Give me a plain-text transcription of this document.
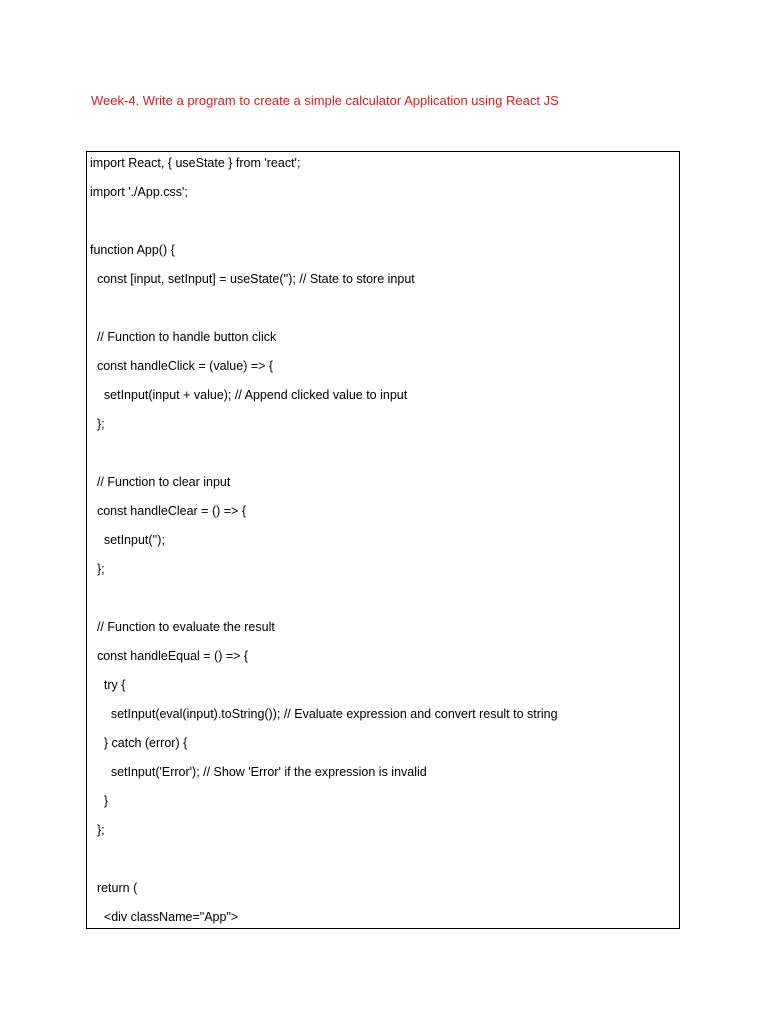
Week-4. Write a program to create a simple calculator Application using React JS
import React, { useState } from 'react';
import './App.css';
function App() {
const [input, setInput] = useState(''); // State to store input
// Function to handle button click
const handleClick = (value) => {
setInput(input + value); // Append clicked value to input
};
// Function to clear input
const handleClear = () => {
setInput('');
};
// Function to evaluate the result
const handleEqual = () => {
try {
setInput(eval(input).toString()); // Evaluate expression and convert result to string
} catch (error) {
setInput('Error'); // Show 'Error' if the expression is invalid
}
};
return (
<div className="App">
